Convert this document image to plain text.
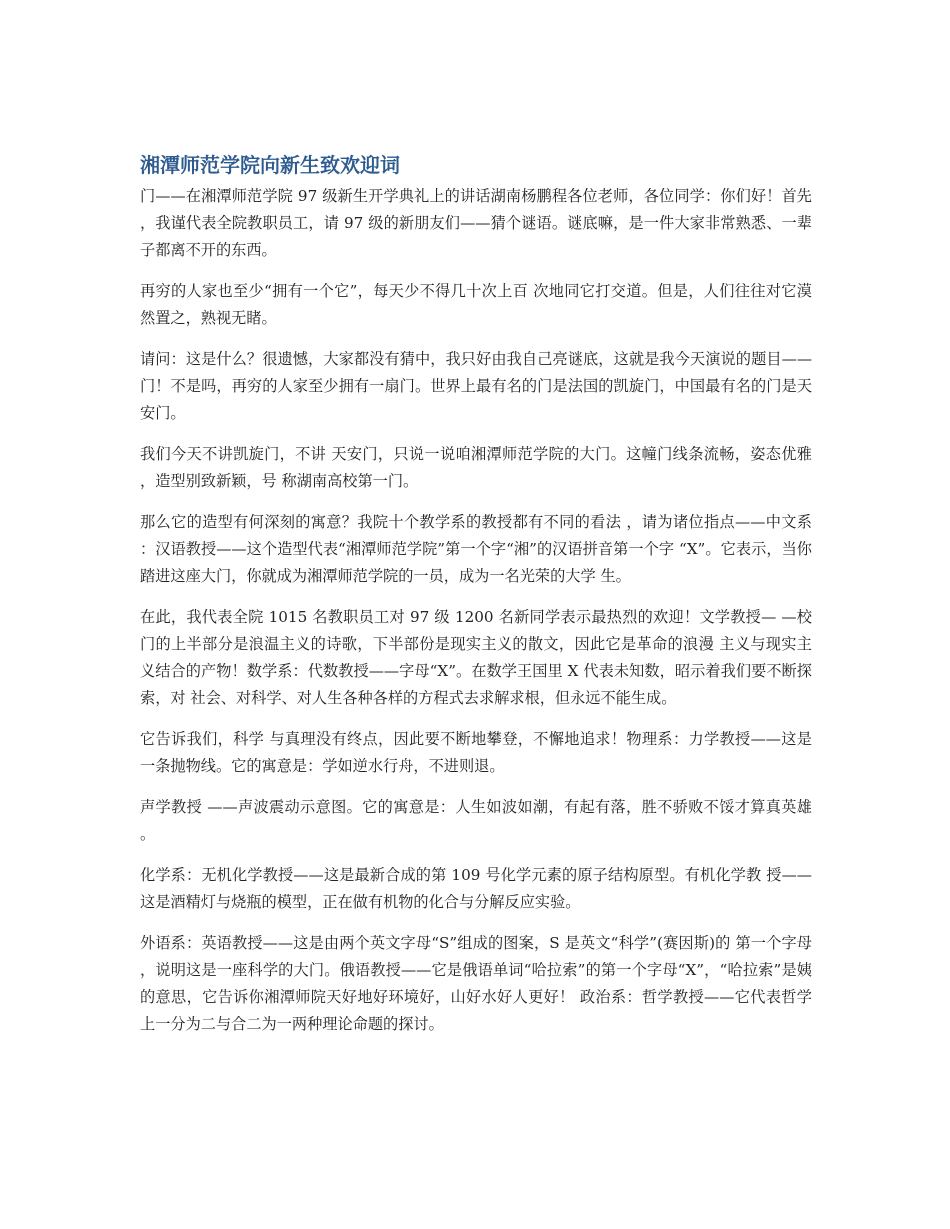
湘潭师范学院向新生致欢迎词

门——在湘潭师范学院 97 级新生开学典礼上的讲话湖南杨鹏程各位老师，各位同学：你们好！首先，我谨代表全院教职员工，请 97 级的新朋友们——猜个谜语。谜底嘛，是一件大家非常熟悉、一辈子都离不开的东西。

再穷的人家也至少“拥有一个它”，每天少不得几十次上百 次地同它打交道。但是，人们往往对它漠然置之，熟视无睹。

请问：这是什么？很遗憾，大家都没有猜中，我只好由我自己亮谜底，这就是我今天演说的题目——门！不是吗，再穷的人家至少拥有一扇门。世界上最有名的门是法国的凯旋门，中国最有名的门是天安门。

我们今天不讲凯旋门，不讲 天安门，只说一说咱湘潭师范学院的大门。这幢门线条流畅，姿态优雅，造型别致新颖，号 称湖南高校第一门。

那么它的造型有何深刻的寓意？我院十个教学系的教授都有不同的看法 ，请为诸位指点——中文系：汉语教授——这个造型代表“湘潭师范学院”第一个字“湘”的汉语拼音第一个字 “X”。它表示，当你踏进这座大门，你就成为湘潭师范学院的一员，成为一名光荣的大学 生。

在此，我代表全院 1015 名教职员工对 97 级 1200 名新同学表示最热烈的欢迎！文学教授— —校门的上半部分是浪温主义的诗歌，下半部份是现实主义的散文，因此它是革命的浪漫 主义与现实主义结合的产物！数学系：代数教授——字母“X”。在数学王国里 X 代表未知数，昭示着我们要不断探索，对 社会、对科学、对人生各种各样的方程式去求解求根，但永远不能生成。

它告诉我们，科学 与真理没有终点，因此要不断地攀登，不懈地追求！物理系：力学教授——这是一条抛物线。它的寓意是：学如逆水行舟，不进则退。

声学教授 ——声波震动示意图。它的寓意是：人生如波如潮，有起有落，胜不骄败不馁才算真英雄。

化学系：无机化学教授——这是最新合成的第 109 号化学元素的原子结构原型。有机化学教 授——这是酒精灯与烧瓶的模型，正在做有机物的化合与分解反应实验。

外语系：英语教授——这是由两个英文字母“S”组成的图案，S 是英文“科学”(赛因斯)的 第一个字母，说明这是一座科学的大门。俄语教授——它是俄语单词“哈拉索”的第一个字母“X”，“哈拉索”是姨的意思，它告诉你湘潭师院天好地好环境好，山好水好人更好！ 政治系：哲学教授——它代表哲学上一分为二与合二为一两种理论命题的探讨。
